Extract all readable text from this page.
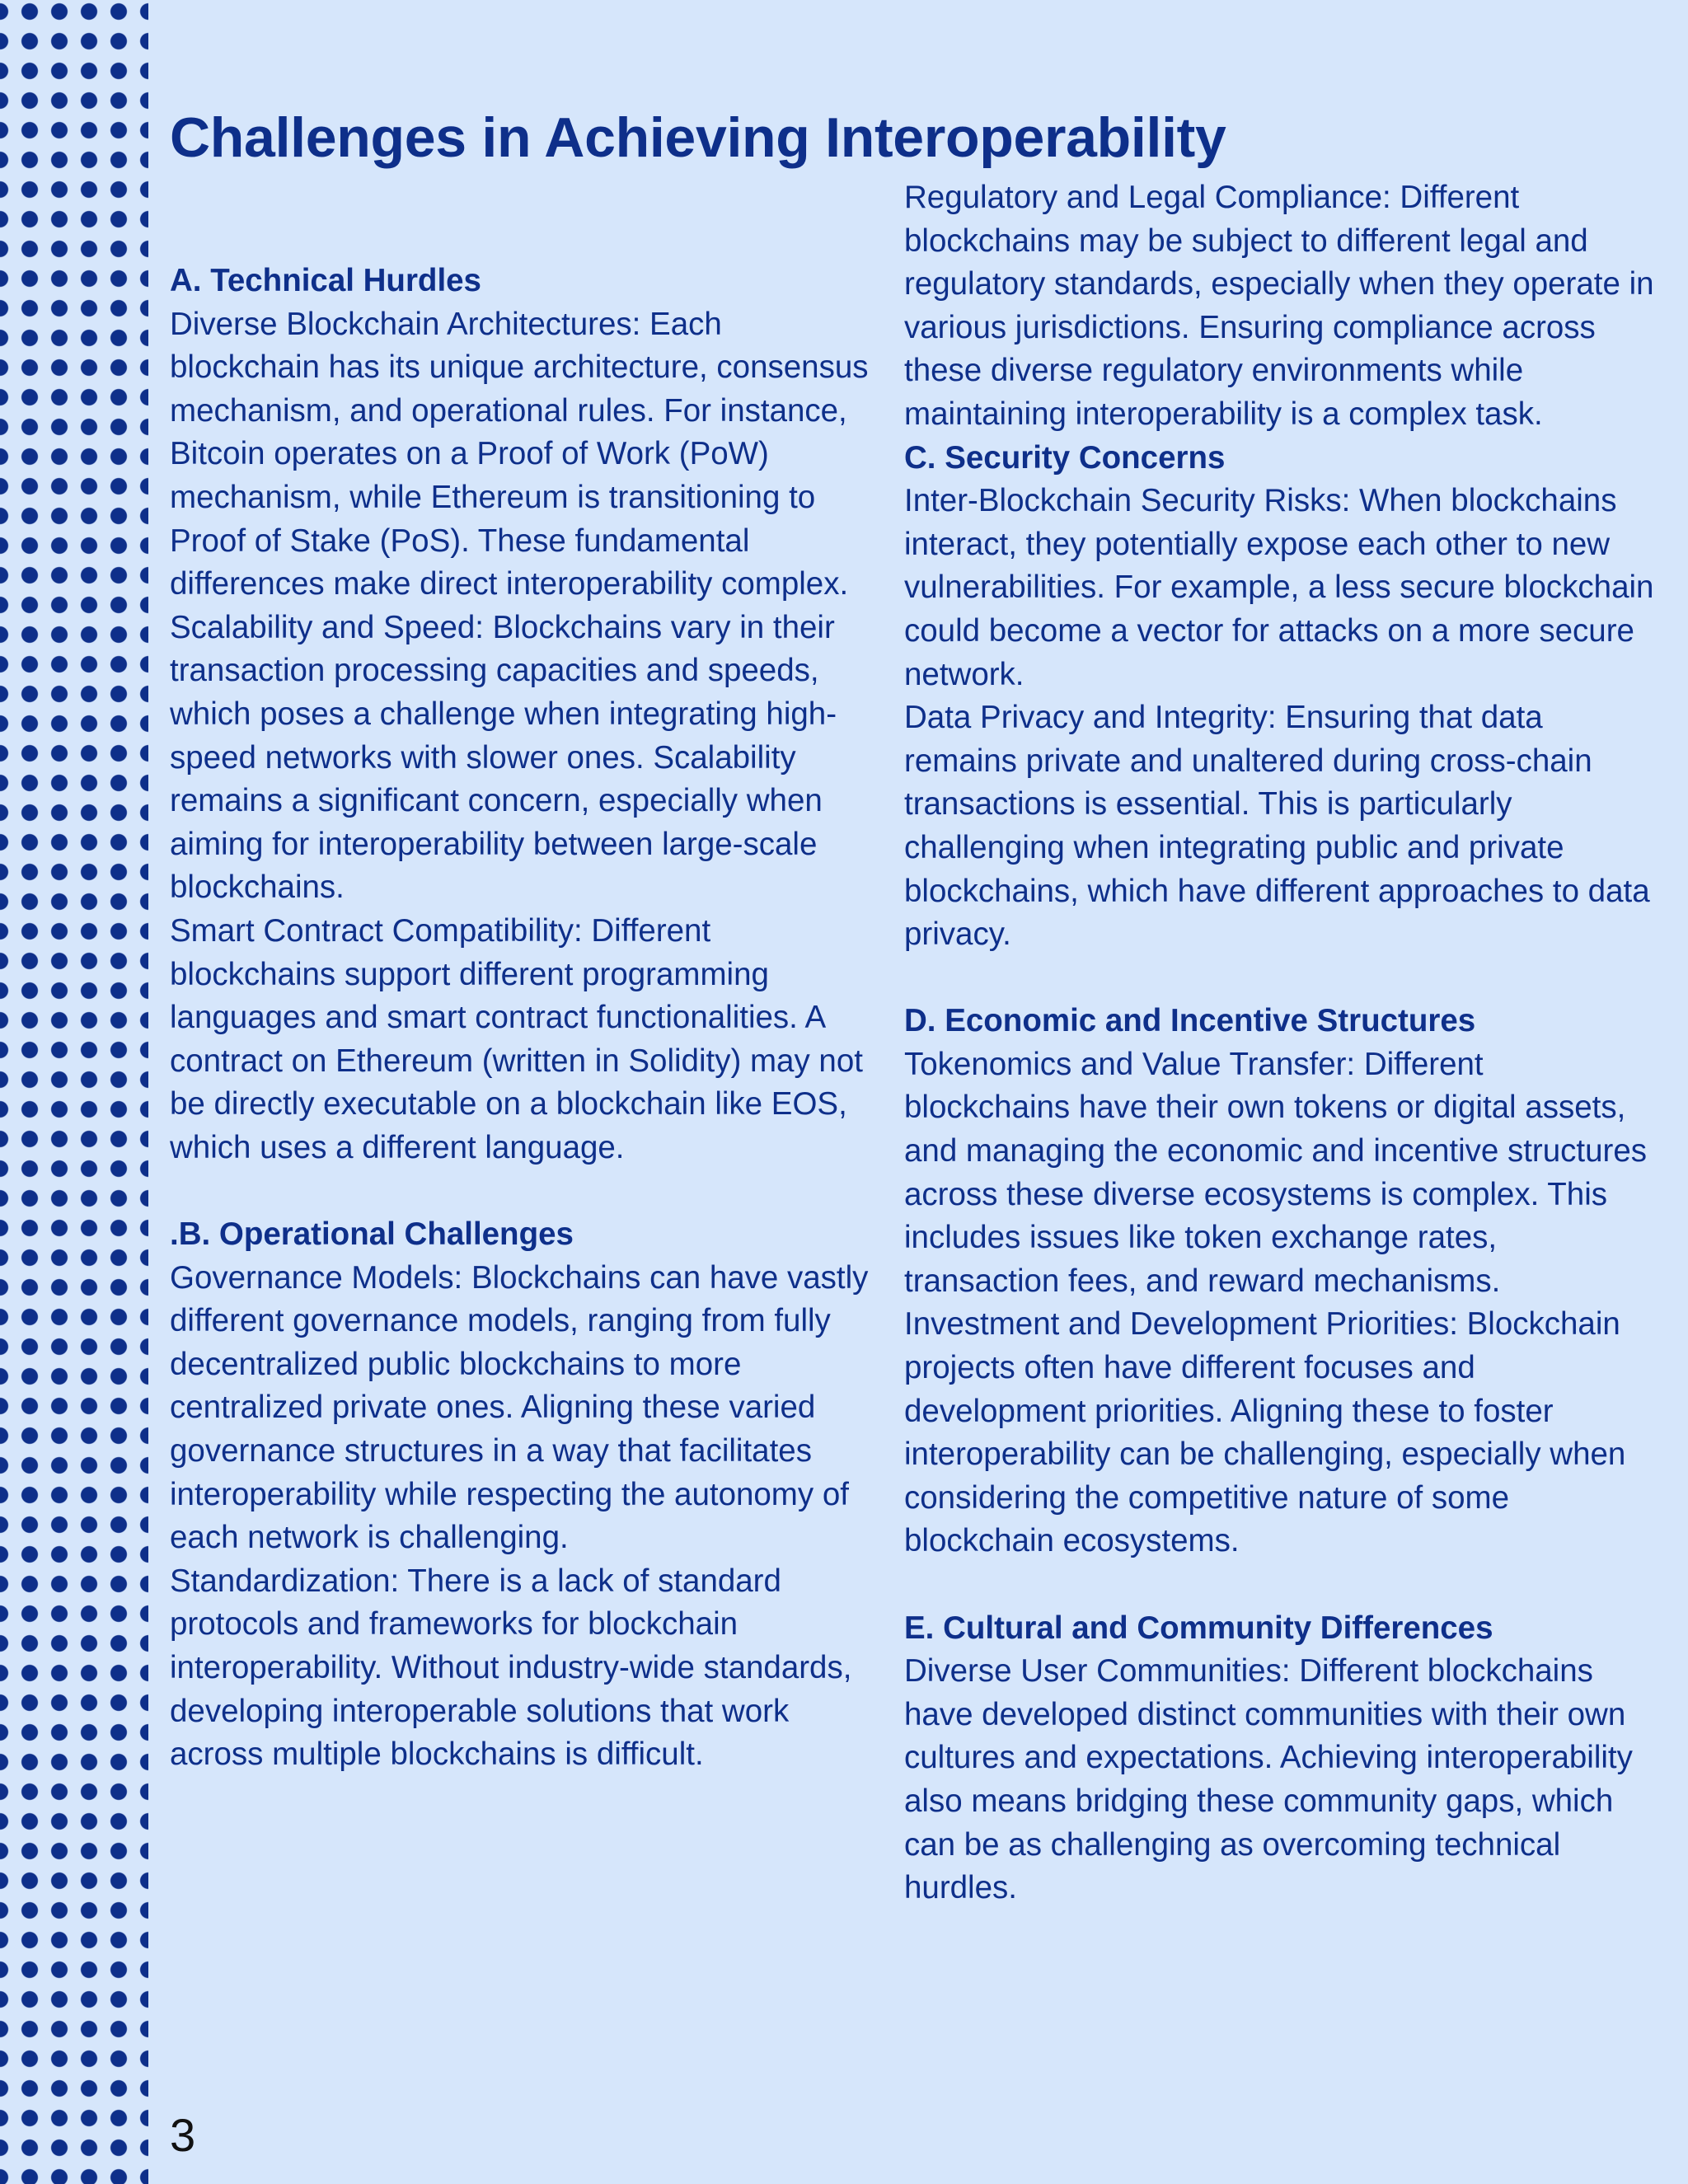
Challenges in Achieving Interoperability

A. Technical Hurdles

Diverse Blockchain Architectures: Each blockchain has its unique architecture, consensus mechanism, and operational rules. For instance, Bitcoin operates on a Proof of Work (PoW) mechanism, while Ethereum is transitioning to Proof of Stake (PoS). These fundamental differences make direct interoperability complex.

Scalability and Speed: Blockchains vary in their transaction processing capacities and speeds, which poses a challenge when integrating high-speed networks with slower ones. Scalability remains a significant concern, especially when aiming for interoperability between large-scale blockchains.

Smart Contract Compatibility: Different blockchains support different programming languages and smart contract functionalities. A contract on Ethereum (written in Solidity) may not be directly executable on a blockchain like EOS, which uses a different language.

.B. Operational Challenges

Governance Models: Blockchains can have vastly different governance models, ranging from fully decentralized public blockchains to more centralized private ones. Aligning these varied governance structures in a way that facilitates interoperability while respecting the autonomy of each network is challenging.

Standardization: There is a lack of standard protocols and frameworks for blockchain interoperability. Without industry-wide standards, developing interoperable solutions that work across multiple blockchains is difficult.

Regulatory and Legal Compliance: Different blockchains may be subject to different legal and regulatory standards, especially when they operate in various jurisdictions. Ensuring compliance across these diverse regulatory environments while maintaining interoperability is a complex task.

C. Security Concerns

Inter-Blockchain Security Risks: When blockchains interact, they potentially expose each other to new vulnerabilities. For example, a less secure blockchain could become a vector for attacks on a more secure network.

Data Privacy and Integrity: Ensuring that data remains private and unaltered during cross-chain transactions is essential. This is particularly challenging when integrating public and private blockchains, which have different approaches to data privacy.

D. Economic and Incentive Structures

Tokenomics and Value Transfer: Different blockchains have their own tokens or digital assets, and managing the economic and incentive structures across these diverse ecosystems is complex. This includes issues like token exchange rates, transaction fees, and reward mechanisms.

Investment and Development Priorities: Blockchain projects often have different focuses and development priorities. Aligning these to foster interoperability can be challenging, especially when considering the competitive nature of some blockchain ecosystems.

E. Cultural and Community Differences

Diverse User Communities: Different blockchains have developed distinct communities with their own cultures and expectations. Achieving interoperability also means bridging these community gaps, which can be as challenging as overcoming technical hurdles.

3
